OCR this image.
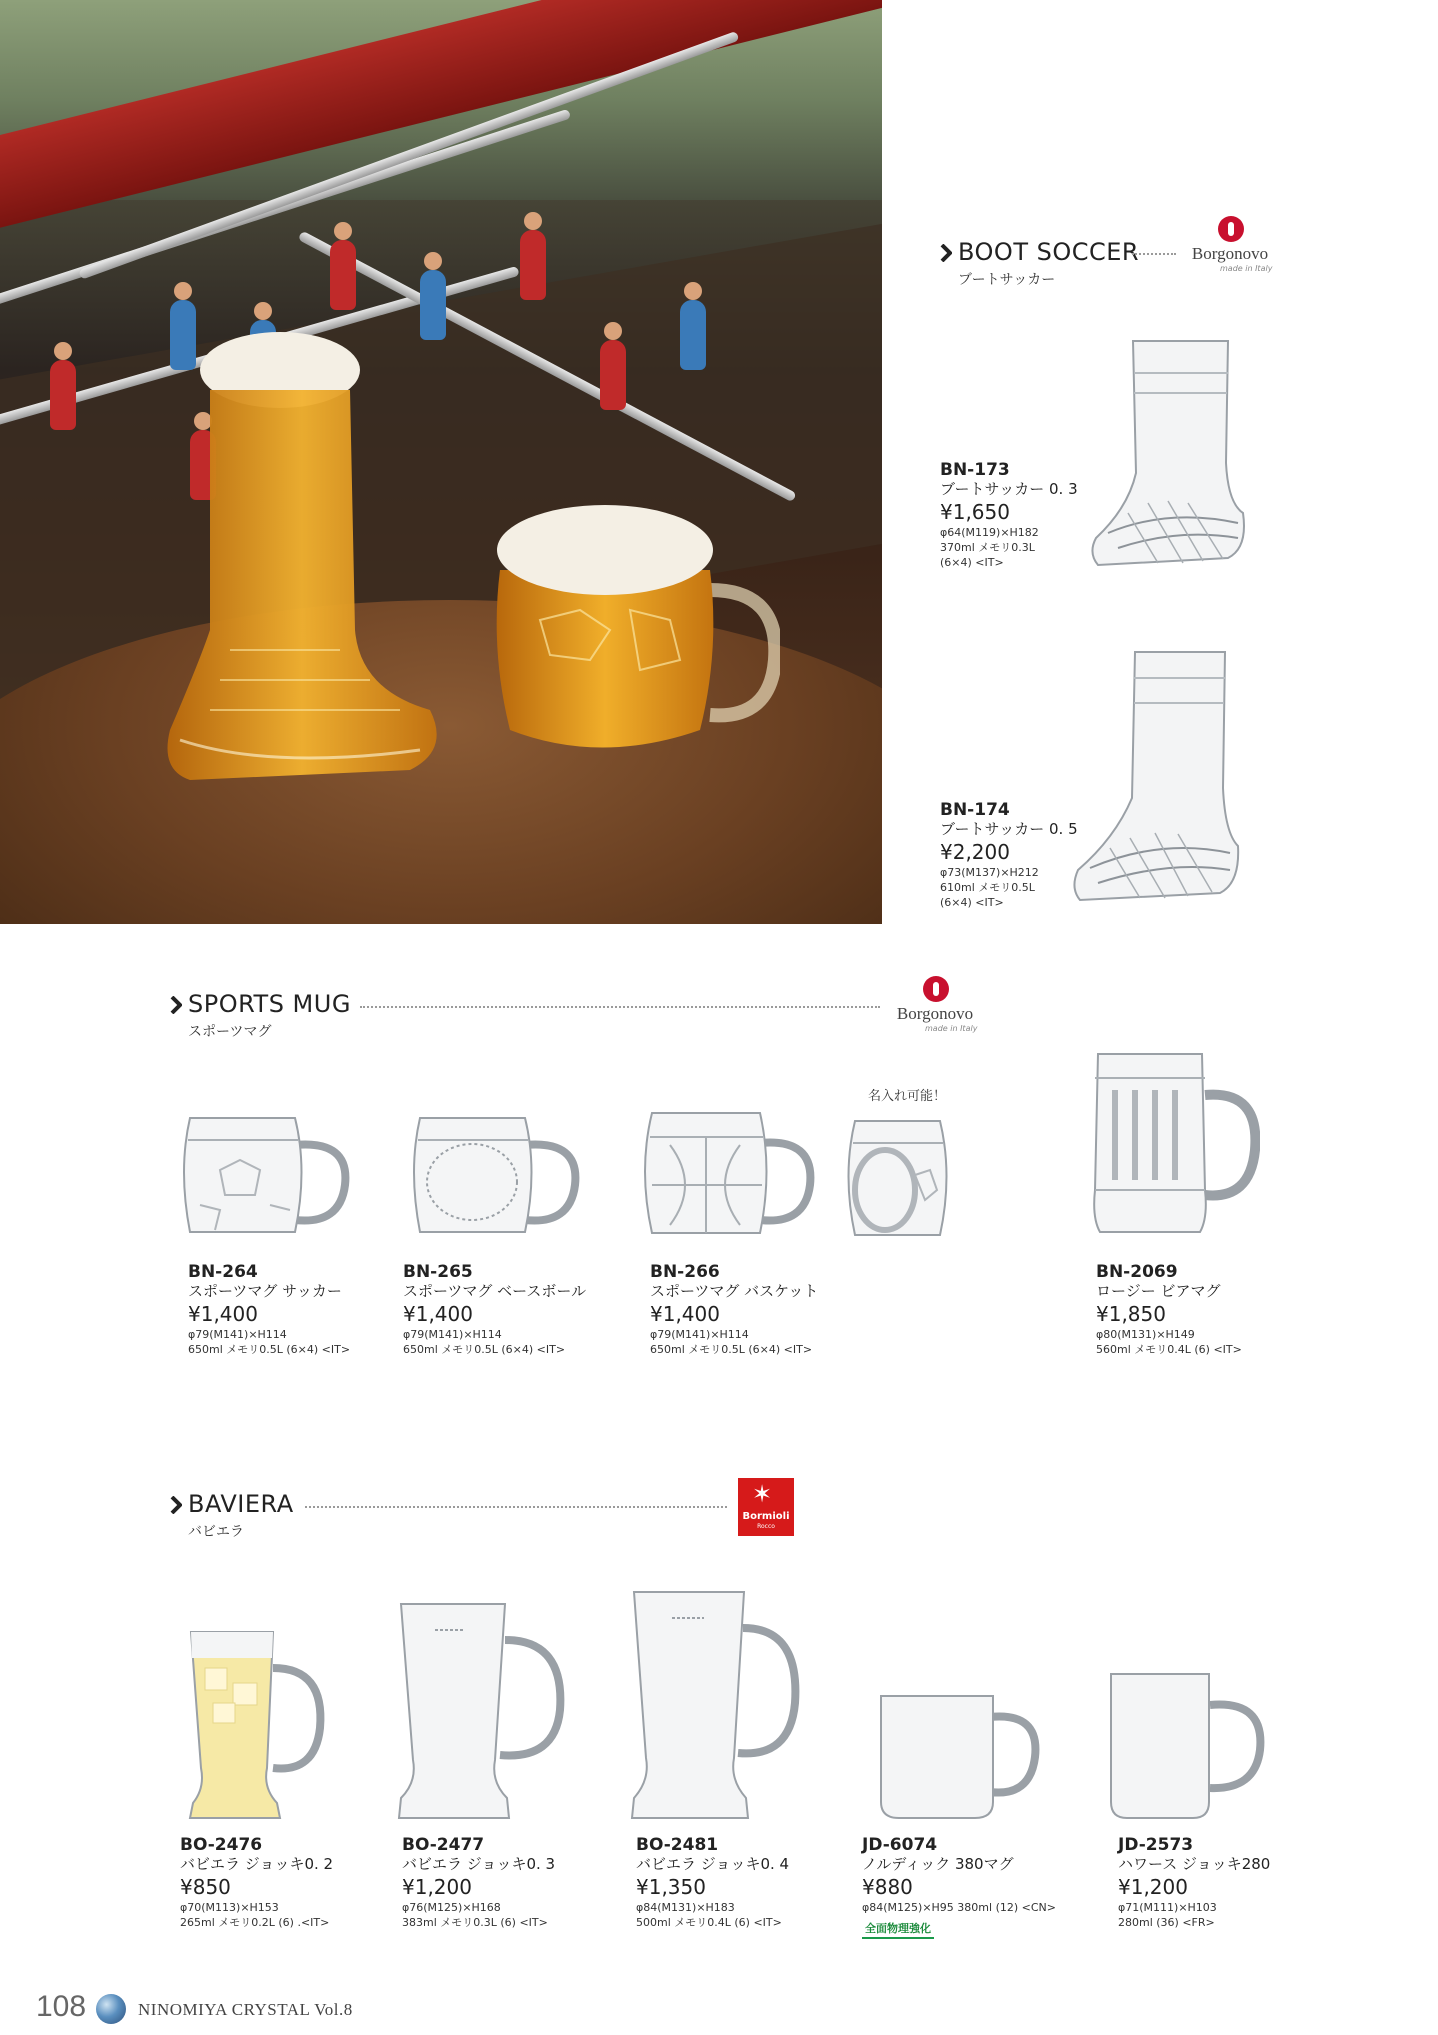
BOOT SOCCER
ブートサッカー
Borgonovo
made in Italy
BN-173
ブートサッカー 0. 3
¥1,650
φ64(M119)×H182
370ml メモリ0.3L
(6×4) <IT>
BN-174
ブートサッカー 0. 5
¥2,200
φ73(M137)×H212
610ml メモリ0.5L
(6×4) <IT>
SPORTS MUG
スポーツマグ
Borgonovo
made in Italy
名入れ可能！
BN-264
スポーツマグ サッカー
¥1,400
φ79(M141)×H114
650ml メモリ0.5L (6×4) <IT>
BN-265
スポーツマグ ベースボール
¥1,400
φ79(M141)×H114
650ml メモリ0.5L (6×4) <IT>
BN-266
スポーツマグ バスケット
¥1,400
φ79(M141)×H114
650ml メモリ0.5L (6×4) <IT>
BN-2069
ロージー ビアマグ
¥1,850
φ80(M131)×H149
560ml メモリ0.4L (6) <IT>
BAVIERA
バビエラ
✶
Bormioli
Rocco
BO-2476
バビエラ ジョッキ0. 2
¥850
φ70(M113)×H153
265ml メモリ0.2L (6) .<IT>
BO-2477
バビエラ ジョッキ0. 3
¥1,200
φ76(M125)×H168
383ml メモリ0.3L (6) <IT>
BO-2481
バビエラ ジョッキ0. 4
¥1,350
φ84(M131)×H183
500ml メモリ0.4L (6) <IT>
JD-6074
ノルディック 380マグ
¥880
φ84(M125)×H95 380ml (12) <CN>
全面物理強化
JD-2573
ハワース ジョッキ280
¥1,200
φ71(M111)×H103
280ml (36) <FR>
108	NINOMIYA CRYSTAL Vol.8
